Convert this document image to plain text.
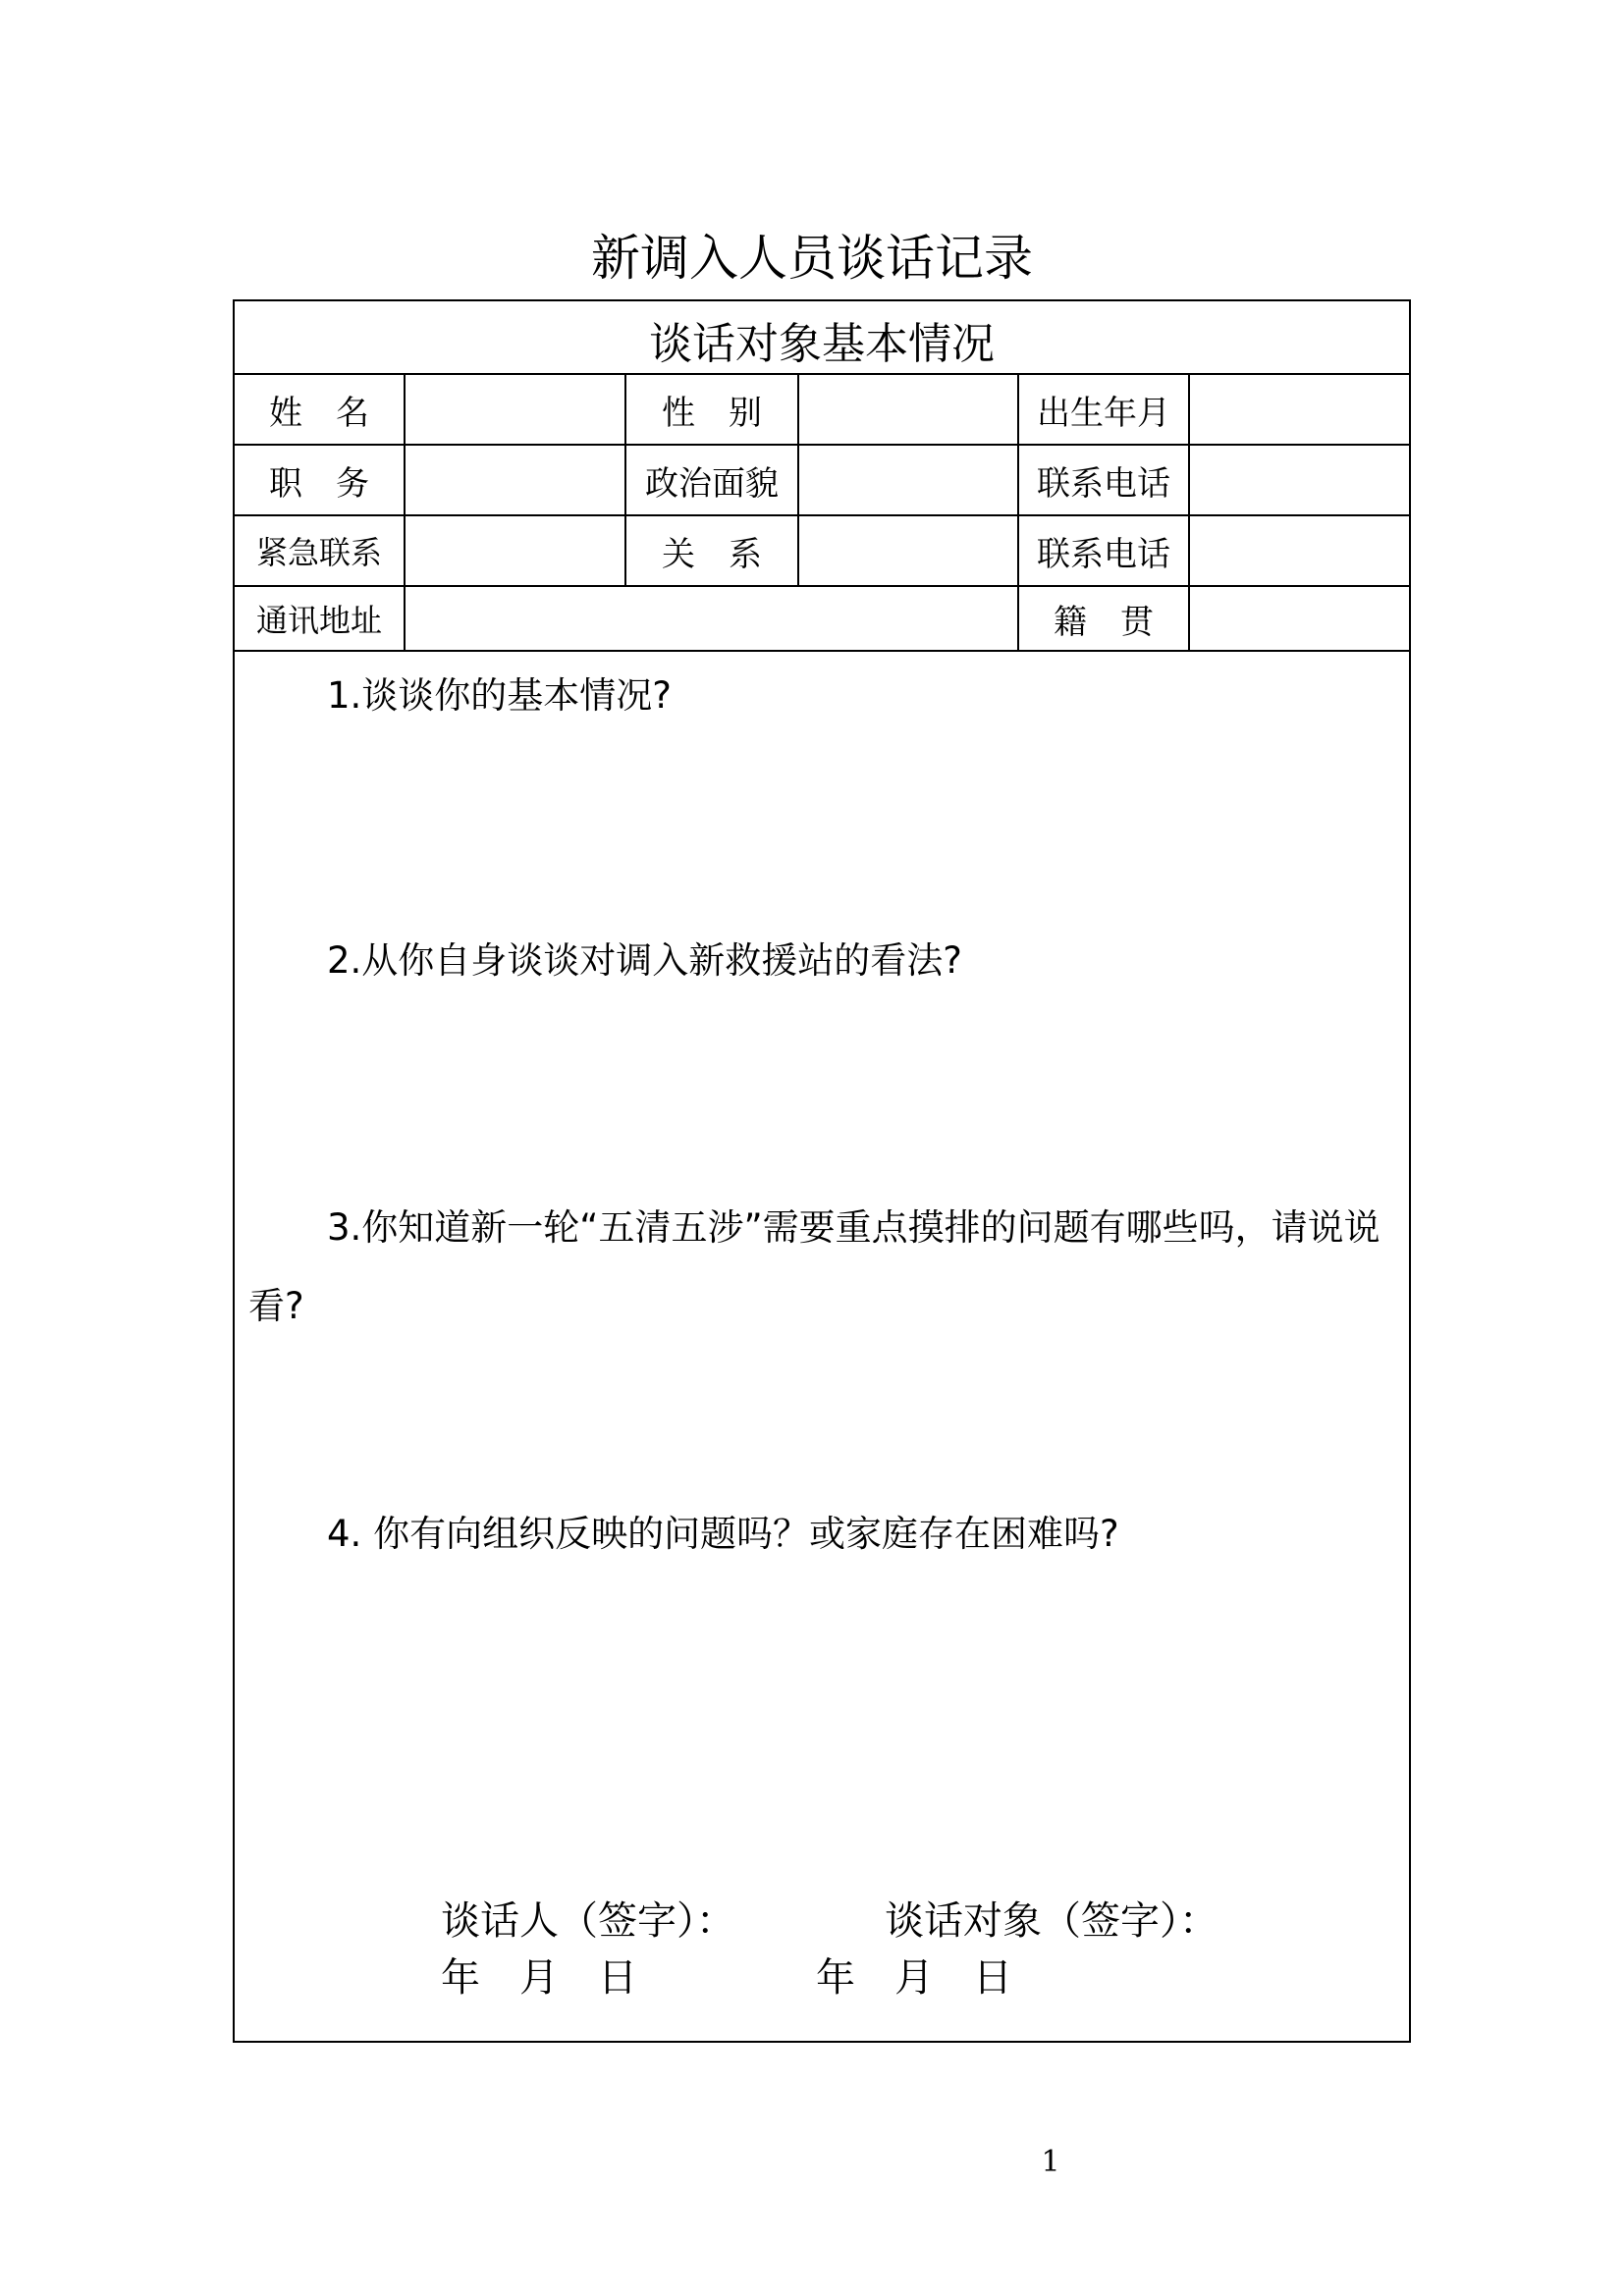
新调入人员谈话记录
谈话对象基本情况
姓　名	性　别	出生年月
职　务	政治面貌	联系电话
紧急联系	关　系	联系电话
通讯地址	籍　贯

1.谈谈你的基本情况?

2.从你自身谈谈对调入新救援站的看法?

3.你知道新一轮“五清五涉”需要重点摸排的问题有哪些吗，请说说看?

4. 你有向组织反映的问题吗？或家庭存在困难吗?

谈话人（签字）：	谈话对象（签字）：
年　月　日	年　月　日
1
